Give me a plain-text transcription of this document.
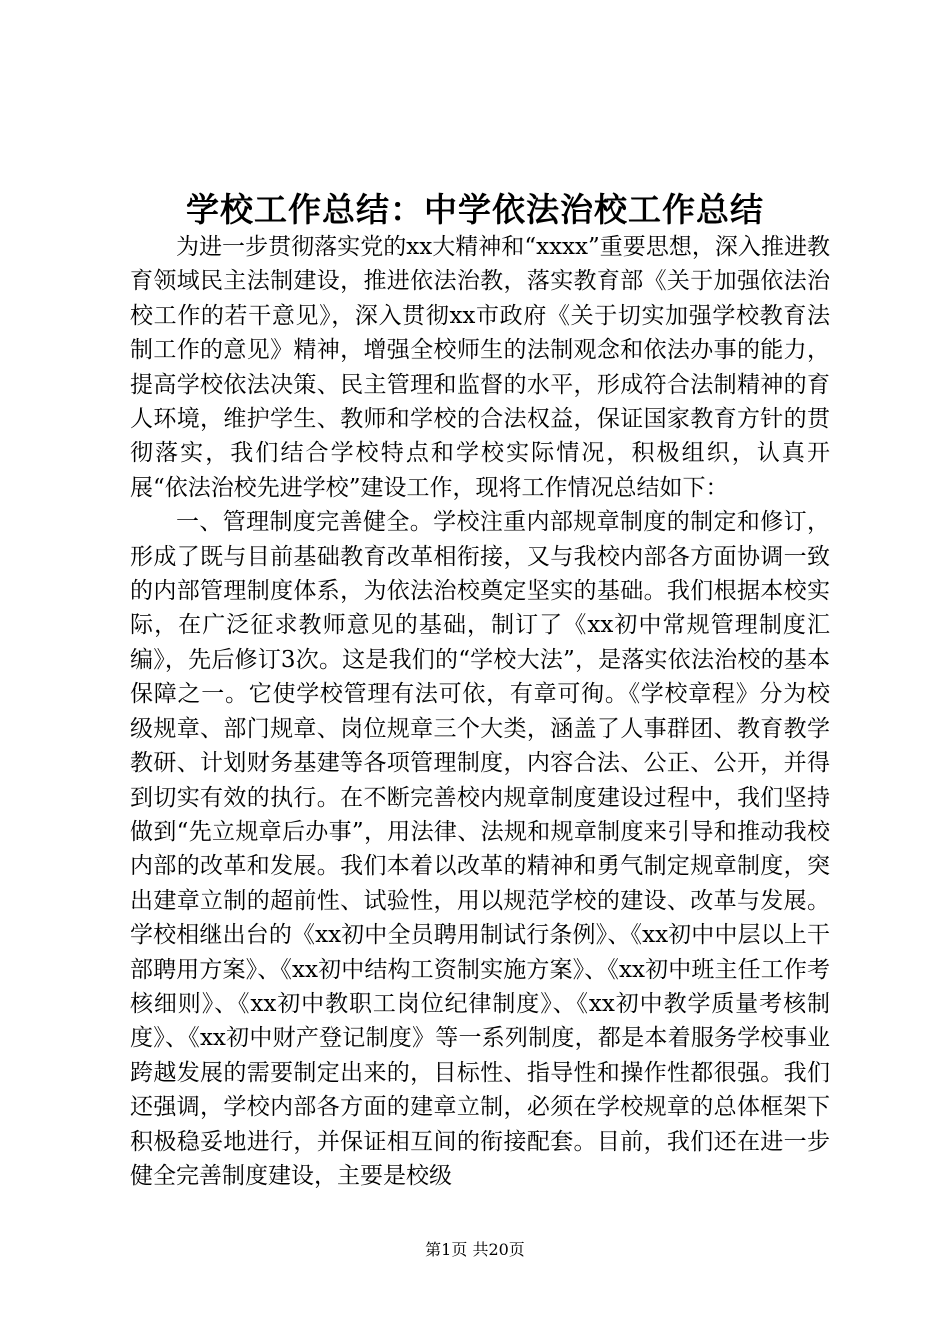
学校工作总结：中学依法治校工作总结

为进一步贯彻落实党的xx大精神和“xxxx”重要思想，深入推进教育领域民主法制建设，推进依法治教，落实教育部《关于加强依法治校工作的若干意见》，深入贯彻xx市政府《关于切实加强学校教育法制工作的意见》精神，增强全校师生的法制观念和依法办事的能力，提高学校依法决策、民主管理和监督的水平，形成符合法制精神的育人环境，维护学生、教师和学校的合法权益，保证国家教育方针的贯彻落实，我们结合学校特点和学校实际情况，积极组织，认真开展“依法治校先进学校”建设工作，现将工作情况总结如下：

一、管理制度完善健全。学校注重内部规章制度的制定和修订，形成了既与目前基础教育改革相衔接，又与我校内部各方面协调一致的内部管理制度体系，为依法治校奠定坚实的基础。我们根据本校实际，在广泛征求教师意见的基础，制订了《xx初中常规管理制度汇编》，先后修订3次。这是我们的“学校大法”，是落实依法治校的基本保障之一。它使学校管理有法可依，有章可徇。《学校章程》分为校级规章、部门规章、岗位规章三个大类，涵盖了人事群团、教育教学教研、计划财务基建等各项管理制度，内容合法、公正、公开，并得到切实有效的执行。在不断完善校内规章制度建设过程中，我们坚持做到“先立规章后办事”，用法律、法规和规章制度来引导和推动我校内部的改革和发展。我们本着以改革的精神和勇气制定规章制度，突出建章立制的超前性、试验性，用以规范学校的建设、改革与发展。学校相继出台的《xx初中全员聘用制试行条例》、《xx初中中层以上干部聘用方案》、《xx初中结构工资制实施方案》、《xx初中班主任工作考核细则》、《xx初中教职工岗位纪律制度》、《xx初中教学质量考核制度》、《xx初中财产登记制度》等一系列制度，都是本着服务学校事业跨越发展的需要制定出来的，目标性、指导性和操作性都很强。我们还强调，学校内部各方面的建章立制，必须在学校规章的总体框架下积极稳妥地进行，并保证相互间的衔接配套。目前，我们还在进一步健全完善制度建设，主要是校级

第1页 共20页
